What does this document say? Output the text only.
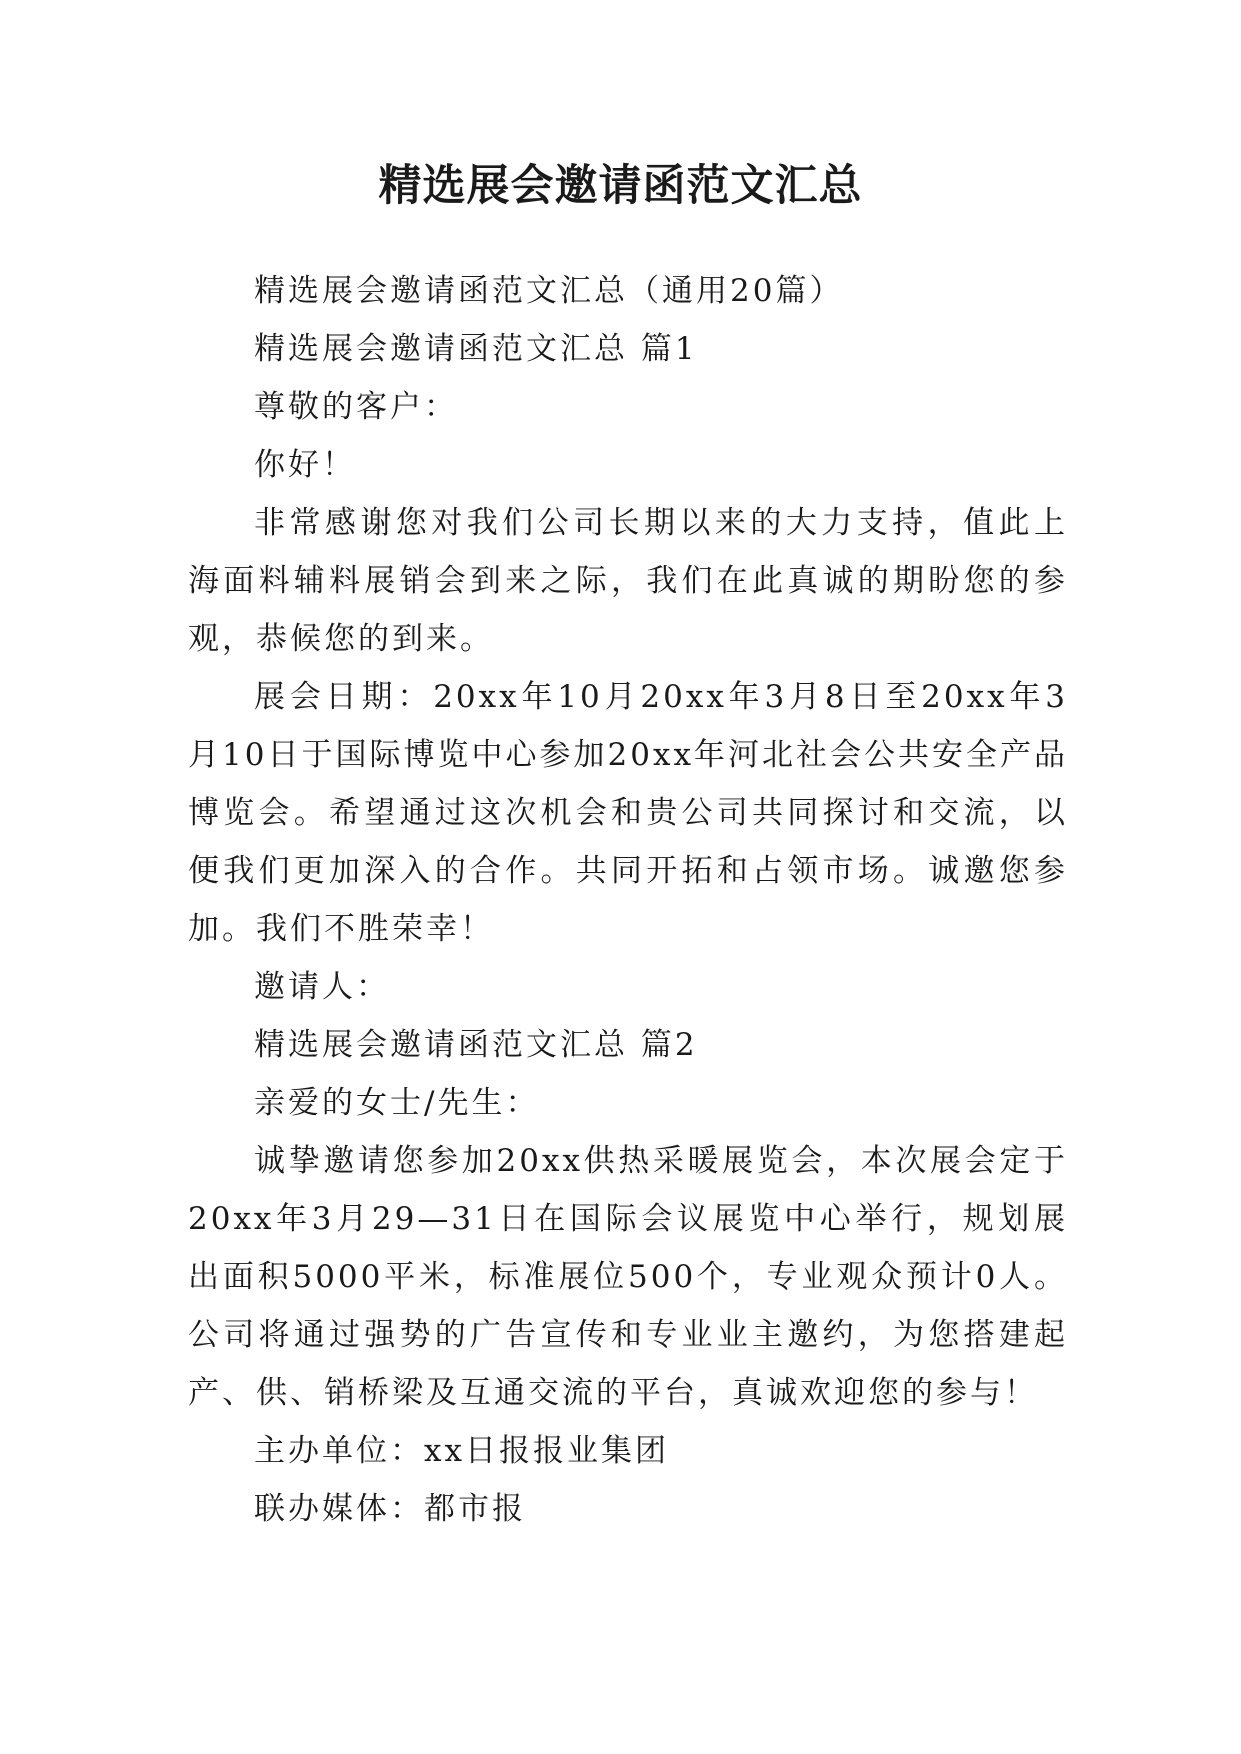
精选展会邀请函范文汇总

精选展会邀请函范文汇总（通用20篇）

精选展会邀请函范文汇总 篇1

尊敬的客户：

你好！

非常感谢您对我们公司长期以来的大力支持，值此上海面料辅料展销会到来之际，我们在此真诚的期盼您的参观，恭候您的到来。

展会日期：20xx年10月20xx年3月8日至20xx年3月10日于国际博览中心参加20xx年河北社会公共安全产品博览会。希望通过这次机会和贵公司共同探讨和交流，以便我们更加深入的合作。共同开拓和占领市场。诚邀您参加。我们不胜荣幸！

邀请人：

精选展会邀请函范文汇总 篇2

亲爱的女士/先生：

诚挚邀请您参加20xx供热采暖展览会，本次展会定于20xx年3月29—31日在国际会议展览中心举行，规划展出面积5000平米，标准展位500个，专业观众预计0人。公司将通过强势的广告宣传和专业业主邀约，为您搭建起产、供、销桥梁及互通交流的平台，真诚欢迎您的参与！

主办单位：xx日报报业集团

联办媒体：都市报
